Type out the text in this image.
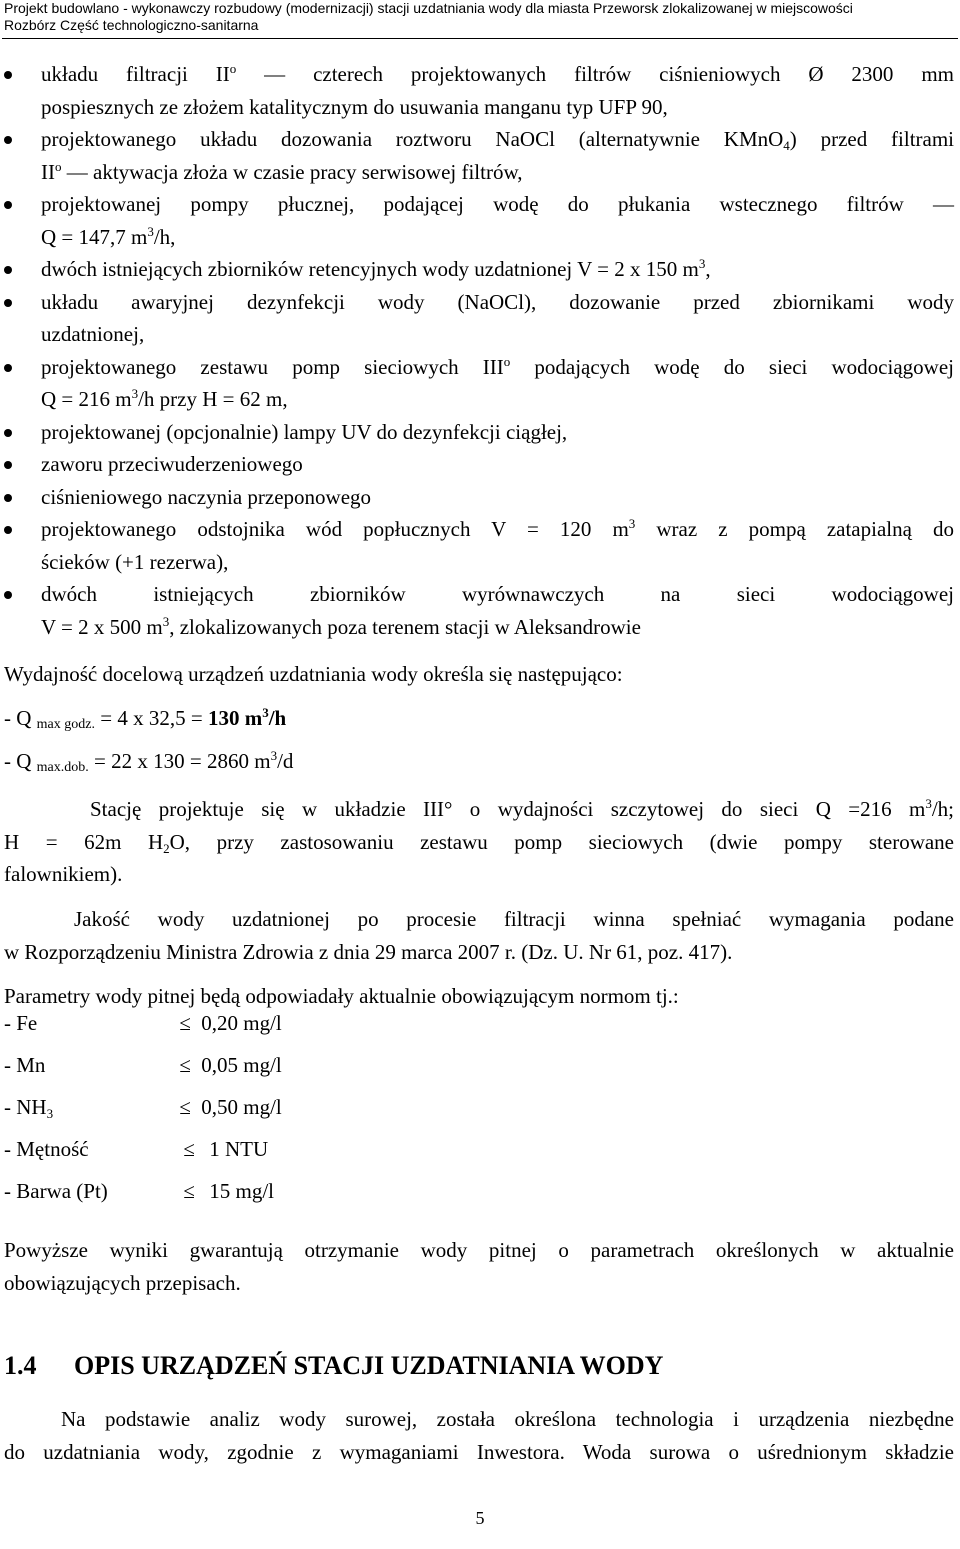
Projekt budowlano - wykonawczy rozbudowy (modernizacji) stacji uzdatniania wody dla miasta Przeworsk zlokalizowanej w miejscowości
Rozbórz Część technologiczno-sanitarna
układu filtracji $II^o$ — czterech projektowanych filtrów ciśnieniowych Ø 2300 mm
pospiesznych ze złożem katalitycznym do usuwania manganu typ UFP 90,
projektowanego układu dozowania roztworu NaOCl (alternatywnie KMnO$_4$) przed filtrami
$II^o$ — aktywacja złoża w czasie pracy serwisowej filtrów,
projektowanej pompy płucznej, podającej wodę do płukania wstecznego filtrów —
Q = 147,7 $m^3/h$,
dwóch istniejących zbiorników retencyjnych wody uzdatnionej V = 2 x 150 $m^3$,
układu awaryjnej dezynfekcji wody (NaOCl), dozowanie przed zbiornikami wody
uzdatnionej,
projektowanego zestawu pomp sieciowych III$^o$ podających wodę do sieci wodociągowej
Q = 216 $m^3/h$ przy H = 62 m,
projektowanej (opcjonalnie) lampy UV do dezynfekcji ciągłej,
zaworu przeciwuderzeniowego
ciśnieniowego naczynia przeponowego
projektowanego odstojnika wód popłucznych V = 120 $m^3$ wraz z pompą zatapialną do
ścieków (+1 rezerwa),
dwóch istniejących zbiorników wyrównawczych na sieci wodociągowej
V = 2 x 500 $m^3$, zlokalizowanych poza terenem stacji w Aleksandrowie

Wydajność docelową urządzeń uzdatniania wody określa się następująco:

- Q max godz. = 4 x 32,5 = 130 $m^3/h$
- Q max.dob. = 22 x 130 = 2860 $m^3/d$
Stację projektuje się w układzie III° o wydajności szczytowej do sieci Q =216 $m^3/h$;
H = 62m $H_2O$, przy zastosowaniu zestawu pomp sieciowych (dwie pompy sterowane
falownikiem).
Jakość wody uzdatnionej po procesie filtracji winna spełniać wymagania podane
w Rozporządzeniu Ministra Zdrowia z dnia 29 marca 2007 r. (Dz. U. Nr 61, poz. 417).

Parametry wody pitnej będą odpowiadały aktualnie obowiązującym normom tj.:

- Fe	≤ 0,20 mg/l
- Mn	≤ 0,05 mg/l
- $NH_3$	≤ 0,50 mg/l
- Mętność	≤ 1 NTU
- Barwa (Pt)	≤ 15 mg/l
Powyższe wyniki gwarantują otrzymanie wody pitnej o parametrach określonych w aktualnie
obowiązujących przepisach.
1.4 OPIS URZĄDZEŃ STACJI UZDATNIANIA WODY
Na podstawie analiz wody surowej, została określona technologia i urządzenia niezbędne
do uzdatniania wody, zgodnie z wymaganiami Inwestora. Woda surowa o uśrednionym składzie
5
